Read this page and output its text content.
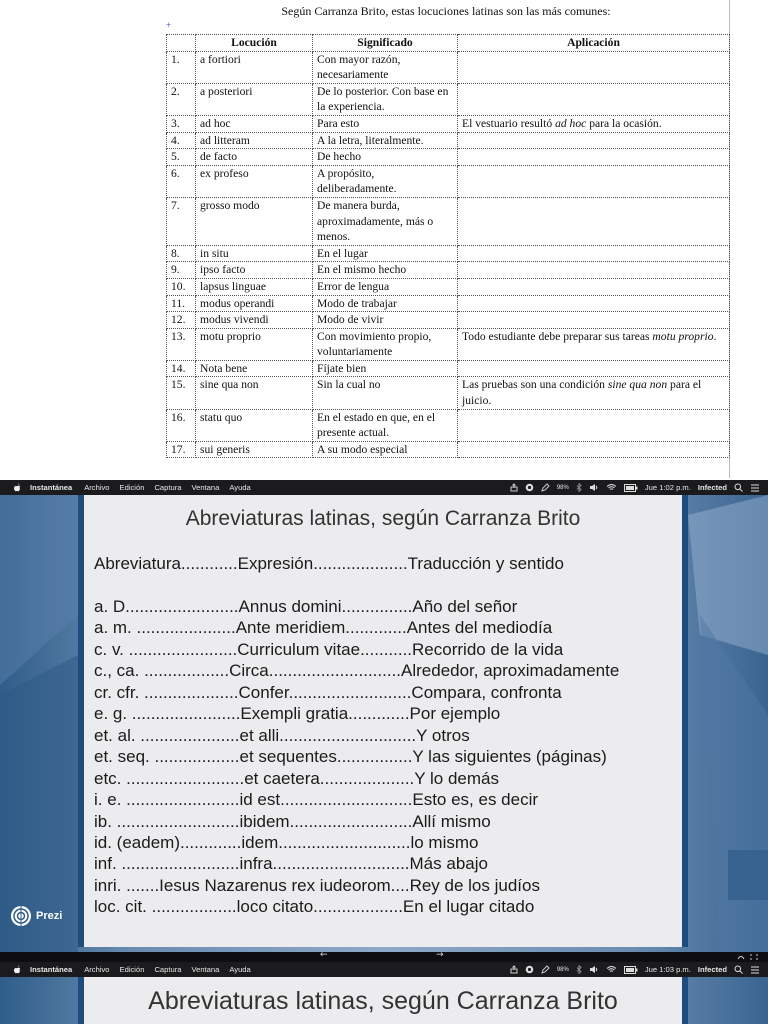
Según Carranza Brito, estas locuciones latinas son las más comunes:
+
	Locución	Significado	Aplicación
1.	a fortiori	Con mayor razón, necesariamente	
2.	a posteriori	De lo posterior. Con base en la experiencia.	
3.	ad hoc	Para esto	El vestuario resultó ad hoc para la ocasión.
4.	ad litteram	A la letra, literalmente.	
5.	de facto	De hecho	
6.	ex profeso	A propósito, deliberadamente.	
7.	grosso modo	De manera burda, aproximadamente, más o menos.	
8.	in situ	En el lugar	
9.	ipso facto	En el mismo hecho	
10.	lapsus linguae	Error de lengua	
11.	modus operandi	Modo de trabajar	
12.	modus vivendi	Modo de vivir	
13.	motu proprio	Con movimiento propio, voluntariamente	Todo estudiante debe preparar sus tareas motu proprio.
14.	Nota bene	Fíjate bien	
15.	sine qua non	Sin la cual no	Las pruebas son una condición sine qua non para el juicio.
16.	statu quo	En el estado en que, en el presente actual.	
17.	sui generis	A su modo especial	
Instantánea Archivo Edición Captura Ventana Ayuda	98%	Jue 1:02 p.m. Infected
Abreviaturas latinas, según Carranza Brito
Abreviatura............Expresión....................Traducción y sentido
a. D........................Annus domini...............Año del señor
a. m. .....................Ante meridiem.............Antes del mediodía
c. v. .......................Curriculum vitae...........Recorrido de la vida
c., ca. ..................Circa............................Alrededor, aproximadamente
cr. cfr. ....................Confer..........................Compara, confronta
e. g. .......................Exempli gratia.............Por ejemplo
et. al. .....................et alli.............................Y otros
et. seq. ..................et sequentes................Y las siguientes (páginas)
etc. .........................et caetera....................Y lo demás
i. e. ........................id est............................Esto es, es decir
ib. ..........................ibidem..........................Allí mismo
id. (eadem).............idem............................lo mismo
inf. .........................infra.............................Más abajo
inri. .......Iesus Nazarenus rex iudeorom....Rey de los judíos
loc. cit. ..................loco citato...................En el lugar citado
Prezi
←	→
Instantánea Archivo Edición Captura Ventana Ayuda	98%	Jue 1:03 p.m. Infected
Abreviaturas latinas, según Carranza Brito
